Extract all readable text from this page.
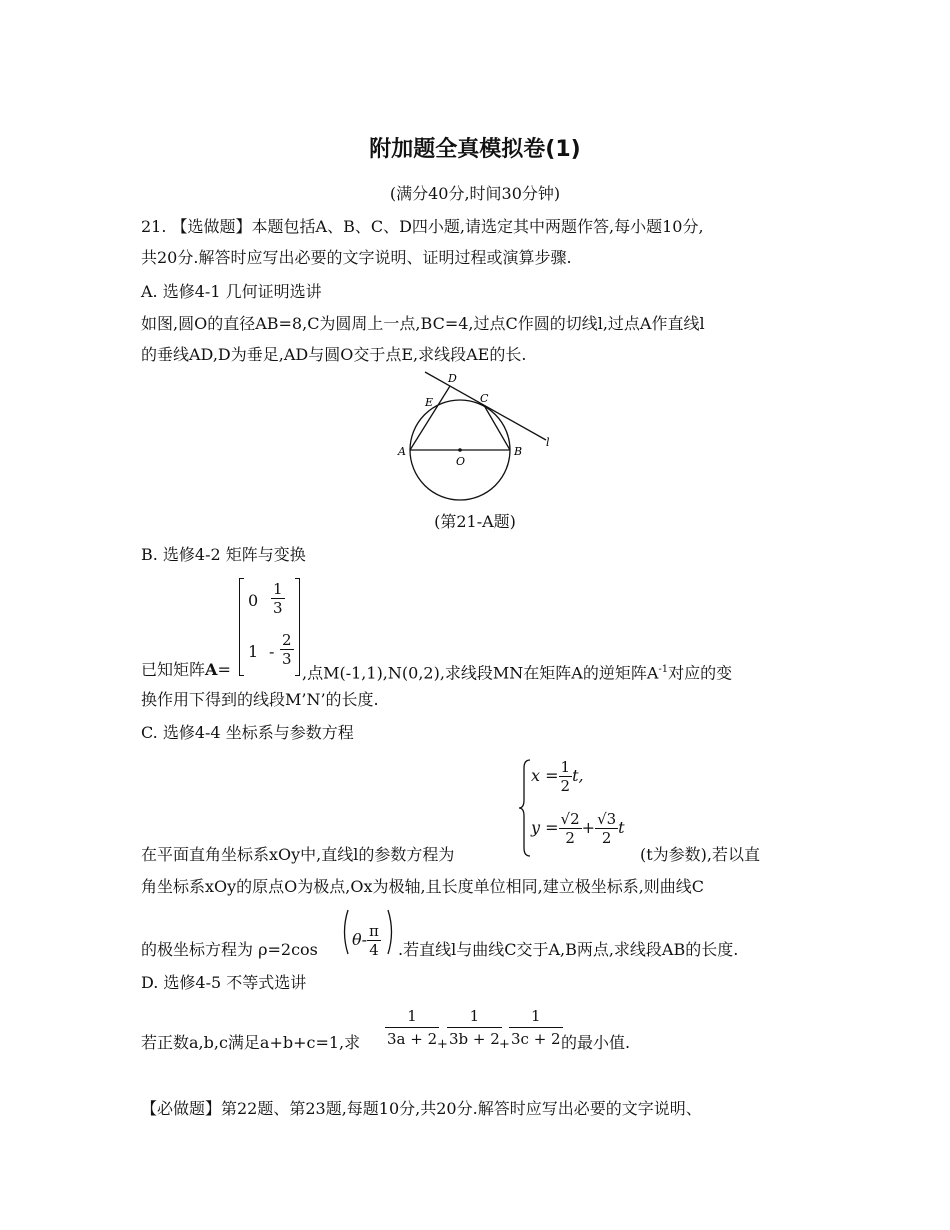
附加题全真模拟卷(1)
(满分40分,时间30分钟)
21. 【选做题】本题包括A、B、C、D四小题,请选定其中两题作答,每小题10分,
共20分.解答时应写出必要的文字说明、证明过程或演算步骤.
A. 选修4-1 几何证明选讲
如图,圆O的直径AB=8,C为圆周上一点,BC=4,过点C作圆的切线l,过点A作直线l
的垂线AD,D为垂足,AD与圆O交于点E,求线段AE的长.
A	B
C
D
E
O
l
(第21-A题)
B. 选修4-2 矩阵与变换
$0 \frac{1}{3}$
$1 - \frac{2}{3}$
已知矩阵A=	,点M(-1,1),N(0,2),求线段MN在矩阵A的逆矩阵$A^{-1}$对应的变
换作用下得到的线段M’N’的长度.
C. 选修4-4 坐标系与参数方程
$x = \frac{1}{2} t$,
$y = \frac{√2}{2} + \frac{√3}{2}$ t
在平面直角坐标系xOy中,直线l的参数方程为	(t为参数),若以直
角坐标系xOy的原点O为极点,Ox为极轴,且长度单位相同,建立极坐标系,则曲线C
的极坐标方程为 ρ=2cos
$\theta- \frac{\pi}{4}$ .若直线l与曲线C交于A,B两点,求线段AB的长度.
D. 选修4-5 不等式选讲
若正数a,b,c满足a+b+c=1,求 $\frac{1}{3a + 2}$
+ $\frac{1}{3b + 2}$
+ $\frac{1}{3c + 2}$
的最小值.
【必做题】第22题、第23题,每题10分,共20分.解答时应写出必要的文字说明、
